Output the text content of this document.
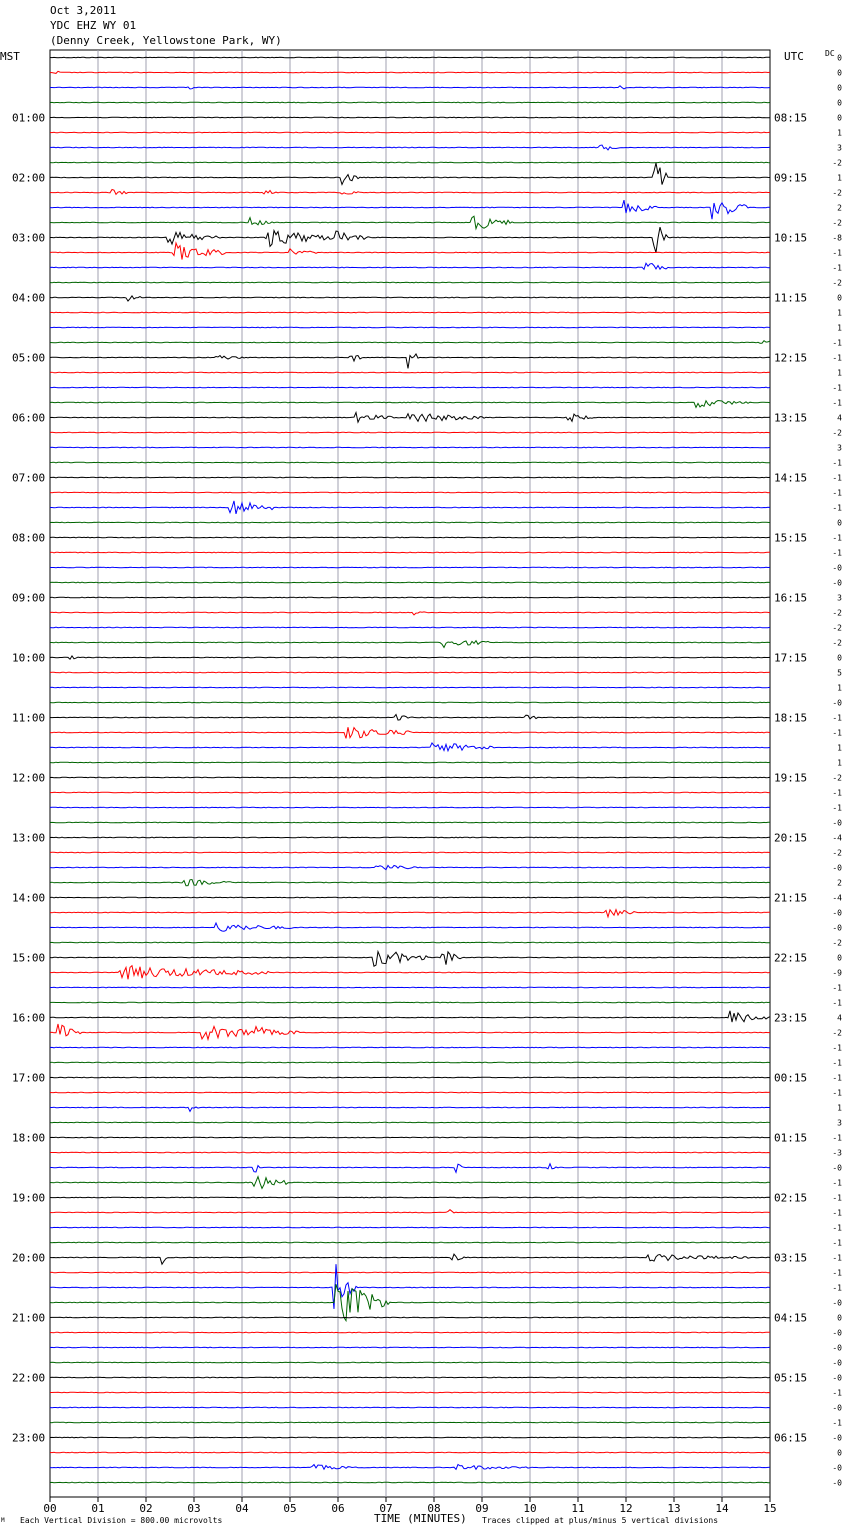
Oct 3,2011
YDC EHZ WY 01
(Denny Creek, Yellowstone Park, WY)
MST	UTC	DC
00	01	02	03	04	05	06	07	08	09	10	11	12	13	14	15
01:00
02:00
03:00
04:00
05:00
06:00
07:00
08:00
09:00
10:00
11:00
12:00
13:00
14:00
15:00
16:00
17:00
18:00
19:00
20:00
21:00
22:00
23:00
08:15
09:15
10:15
11:15
12:15
13:15
14:15
15:15
16:15
17:15
18:15
19:15
20:15
21:15
22:15
23:15
00:15
01:15
02:15
03:15
04:15
05:15
06:15
0
0
0
0
0
1
3
-2
1
-2
2
-2
-8
-1
-1
-2
0
1
1
-1
-1
1
-1
-1
4
-2
3
-1
-1
-1
-1
0
-1
-1
-0
-0
3
-2
-2
-2
0
5
1
-0
-1
-1
1
1
-2
-1
-1
-0
-4
-2
-0
2
-4
-0
-0
-2
0
-9
-1
-1
4
-2
-1
-1
-1
-1
1
3
-1
-3
-0
-1
-1
-1
-1
-1
-1
-1
-1
-0
0
-0
-0
-0
-0
-1
-0
-1
-0
0
-0
-0
M Each Vertical Division = 800.00 microvolts	TIME (MINUTES) Traces clipped at plus/minus 5 vertical divisions
